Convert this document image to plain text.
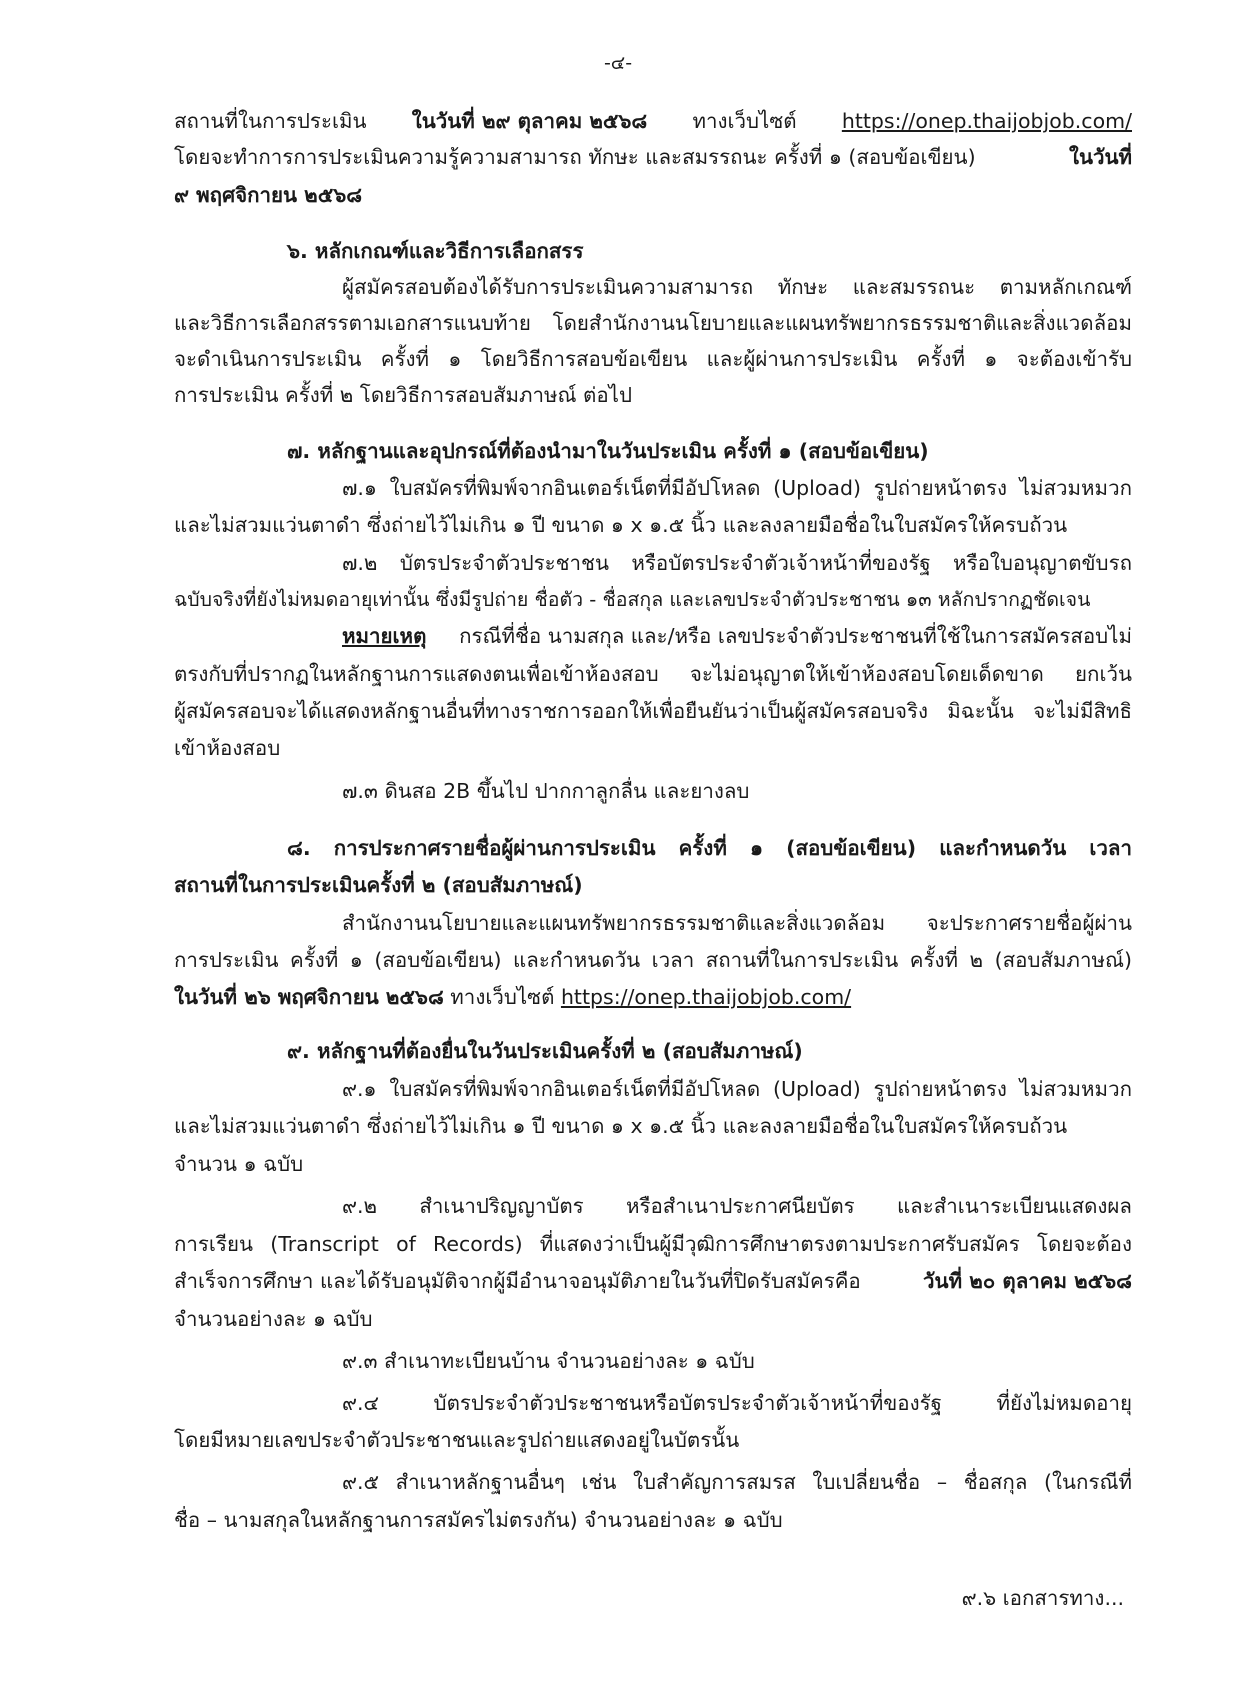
-๔-
สถานที่ในการประเมิน ในวันที่ ๒๙ ตุลาคม ๒๕๖๘ ทางเว็บไซต์ https://onep.thaijobjob.com/
โดยจะทำการการประเมินความรู้ความสามารถ ทักษะ และสมรรถนะ ครั้งที่ ๑ (สอบข้อเขียน)	ในวันที่
๙ พฤศจิกายน ๒๕๖๘
๖. หลักเกณฑ์และวิธีการเลือกสรร
ผู้สมัครสอบต้องได้รับการประเมินความสามารถ ทักษะ และสมรรถนะ ตามหลักเกณฑ์
และวิธีการเลือกสรรตามเอกสารแนบท้าย โดยสำนักงานนโยบายและแผนทรัพยากรธรรมชาติและสิ่งแวดล้อม
จะดำเนินการประเมิน ครั้งที่ ๑ โดยวิธีการสอบข้อเขียน และผู้ผ่านการประเมิน ครั้งที่ ๑ จะต้องเข้ารับ
การประเมิน ครั้งที่ ๒ โดยวิธีการสอบสัมภาษณ์ ต่อไป
๗. หลักฐานและอุปกรณ์ที่ต้องนำมาในวันประเมิน ครั้งที่ ๑ (สอบข้อเขียน)
๗.๑ ใบสมัครที่พิมพ์จากอินเตอร์เน็ตที่มีอัปโหลด (Upload) รูปถ่ายหน้าตรง ไม่สวมหมวก
และไม่สวมแว่นตาดำ ซึ่งถ่ายไว้ไม่เกิน ๑ ปี ขนาด ๑ x ๑.๕ นิ้ว และลงลายมือชื่อในใบสมัครให้ครบถ้วน
๗.๒ บัตรประจำตัวประชาชน หรือบัตรประจำตัวเจ้าหน้าที่ของรัฐ หรือใบอนุญาตขับรถ
ฉบับจริงที่ยังไม่หมดอายุเท่านั้น ซึ่งมีรูปถ่าย ชื่อตัว - ชื่อสกุล และเลขประจำตัวประชาชน ๑๓ หลักปรากฏชัดเจน
หมายเหตุ กรณีที่ชื่อ นามสกุล และ/หรือ เลขประจำตัวประชาชนที่ใช้ในการสมัครสอบไม่
ตรงกับที่ปรากฏในหลักฐานการแสดงตนเพื่อเข้าห้องสอบ จะไม่อนุญาตให้เข้าห้องสอบโดยเด็ดขาด ยกเว้น
ผู้สมัครสอบจะได้แสดงหลักฐานอื่นที่ทางราชการออกให้เพื่อยืนยันว่าเป็นผู้สมัครสอบจริง มิฉะนั้น จะไม่มีสิทธิ
เข้าห้องสอบ
๗.๓ ดินสอ 2B ขึ้นไป ปากกาลูกลื่น และยางลบ
๘. การประกาศรายชื่อผู้ผ่านการประเมิน ครั้งที่ ๑ (สอบข้อเขียน) และกำหนดวัน เวลา
สถานที่ในการประเมินครั้งที่ ๒ (สอบสัมภาษณ์)
สำนักงานนโยบายและแผนทรัพยากรธรรมชาติและสิ่งแวดล้อม จะประกาศรายชื่อผู้ผ่าน
การประเมิน ครั้งที่ ๑ (สอบข้อเขียน) และกำหนดวัน เวลา สถานที่ในการประเมิน ครั้งที่ ๒ (สอบสัมภาษณ์)
ในวันที่ ๒๖ พฤศจิกายน ๒๕๖๘ ทางเว็บไซต์ https://onep.thaijobjob.com/
๙. หลักฐานที่ต้องยื่นในวันประเมินครั้งที่ ๒ (สอบสัมภาษณ์)
๙.๑ ใบสมัครที่พิมพ์จากอินเตอร์เน็ตที่มีอัปโหลด (Upload) รูปถ่ายหน้าตรง ไม่สวมหมวก
และไม่สวมแว่นตาดำ ซึ่งถ่ายไว้ไม่เกิน ๑ ปี ขนาด ๑ x ๑.๕ นิ้ว และลงลายมือชื่อในใบสมัครให้ครบถ้วน
จำนวน ๑ ฉบับ
๙.๒ สำเนาปริญญาบัตร หรือสำเนาประกาศนียบัตร และสำเนาระเบียนแสดงผล
การเรียน (Transcript of Records) ที่แสดงว่าเป็นผู้มีวุฒิการศึกษาตรงตามประกาศรับสมัคร โดยจะต้อง
สำเร็จการศึกษา และได้รับอนุมัติจากผู้มีอำนาจอนุมัติภายในวันที่ปิดรับสมัครคือ	วันที่ ๒๐ ตุลาคม ๒๕๖๘
จำนวนอย่างละ ๑ ฉบับ
๙.๓ สำเนาทะเบียนบ้าน จำนวนอย่างละ ๑ ฉบับ
๙.๔ บัตรประจำตัวประชาชนหรือบัตรประจำตัวเจ้าหน้าที่ของรัฐ ที่ยังไม่หมดอายุ
โดยมีหมายเลขประจำตัวประชาชนและรูปถ่ายแสดงอยู่ในบัตรนั้น
๙.๕ สำเนาหลักฐานอื่นๆ เช่น ใบสำคัญการสมรส ใบเปลี่ยนชื่อ – ชื่อสกุล (ในกรณีที่
ชื่อ – นามสกุลในหลักฐานการสมัครไม่ตรงกัน) จำนวนอย่างละ ๑ ฉบับ
๙.๖ เอกสารทาง...
